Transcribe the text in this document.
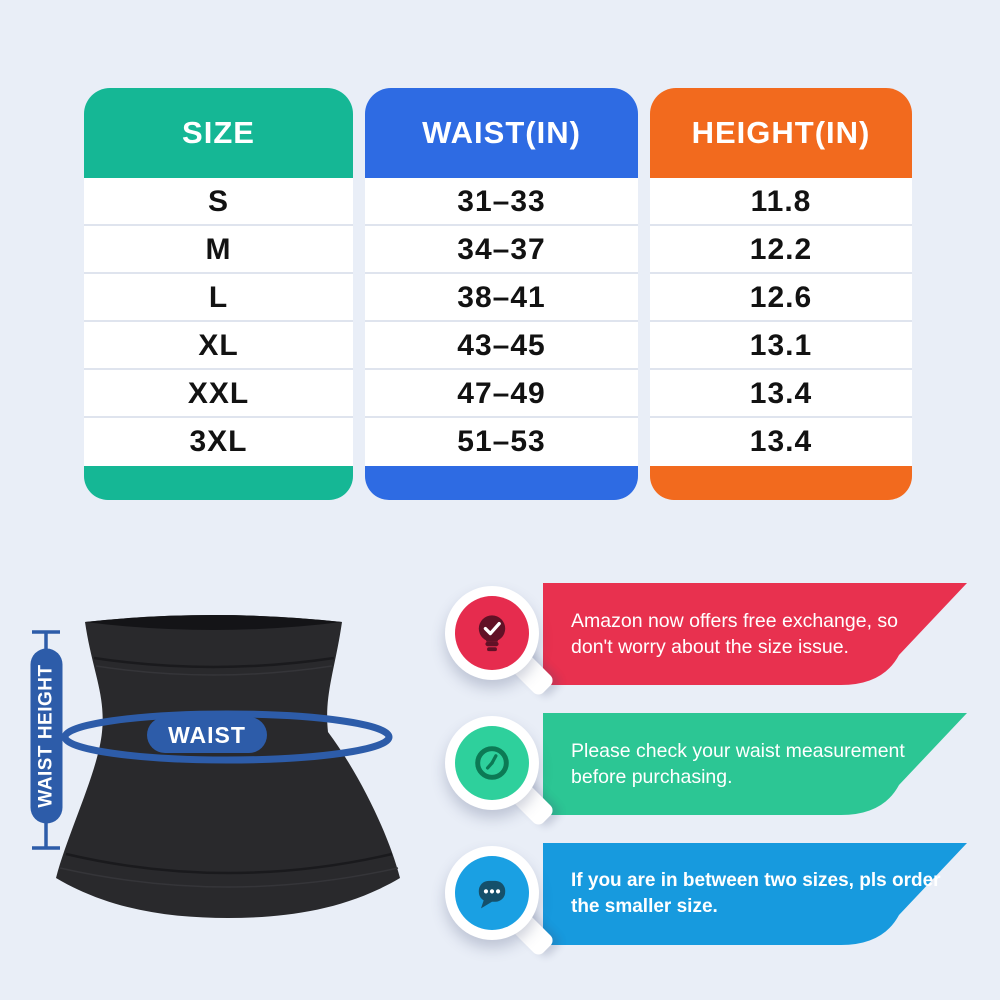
SIZE	WAIST(IN)	HEIGHT(IN)
S
M
L
XL
XXL
3XL
31–33
34–37
38–41
43–45
47–49
51–53
11.8
12.2
12.6
13.1
13.4
13.4
WAIST
WAIST HEIGHT
Amazon now offers free exchange, so
don't worry about the size issue.
Please check your waist measurement
before purchasing.
If you are in between two sizes, pls order
the smaller size.
